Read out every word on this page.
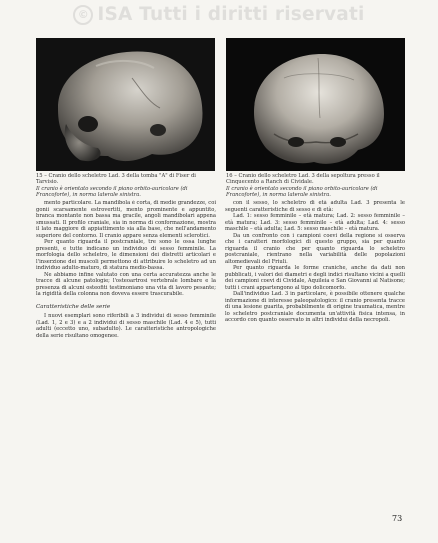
© ISA Tutti i diritti riservati
15 – Cranio dello scheletro Lad. 3 della tomba "A" di Fiser di Tarvisio.
Il cranio è orientato secondo il piano orbito-auricolare (di Francoforte), in norma laterale sinistra.
16 – Cranio dello scheletro Lad. 3 della sepoltura presso il Cinquecento a Ranch di Cividale.
Il cranio è orientato secondo il piano orbito-auricolare (di Francoforte), in norma laterale sinistra.

mento particolare. La mandibola è corta, di medie grandezze, coi gonii scarsamente estrovertiti, mento prominente e appuntito, branca montante non bassa ma gracile, angoli mandibolari appena smussati. Il profilo craniale, sia in norma di conformazione, mostra il lato maggiore di appiattimento sia alla base, che nell'andamento superiore del contorno. Il cranio appare senza elementi sclerotici.

Per quanto riguarda il postcraniale, tre sono le ossa lunghe presenti, e tutte indicano un individuo di sesso femminile. La morfologia dello scheletro, le dimensioni dei distretti articolari e l'inserzione dei muscoli permettono di attribuire lo scheletro ad un individuo adulto-maturo, di statura medio-bassa.

Ne abbiamo infine valutato con una certa accuratezza anche le tracce di alcune patologie; l'osteoartrosi vertebrale lombare e la presenza di alcuni osteofiti testimoniano una vita di lavoro pesante; la rigidità della colonna non doveva essere trascurabile.

Caratteristiche delle serie

I nuovi esemplari sono riferibili a 3 individui di sesso femminile (Lad. 1, 2 e 3) e a 2 individui di sesso maschile (Lad. 4 e 5), tutti adulti (eccetto uno, subadulto). Le caratteristiche antropologiche della serie risultano omogenee.

con il sesso, lo scheletro di età adulta Lad. 3 presenta le seguenti caratteristiche di sesso e di età:

Lad. 1: sesso femminile – età matura; Lad. 2: sesso femminile – età matura; Lad. 3: sesso femminile – età adulta; Lad. 4: sesso maschile – età adulta; Lad. 5: sesso maschile – età matura.

Da un confronto con i campioni coevi della regione si osserva che i caratteri morfologici di questo gruppo, sia per quanto riguarda il cranio che per quanto riguarda lo scheletro postcraniale, rientrano nella variabilità delle popolazioni altomedievali del Friuli.

Per quanto riguarda le forme craniche, anche da dati non pubblicati, i valori dei diametri e degli indici risultano vicini a quelli dei campioni coevi di Cividale, Aquileia e San Giovanni al Natisone; tutti i crani appartengono al tipo dolicomorfo.

Dall'individuo Lad. 3 in particolare, è possibile ottenere qualche informazione di interesse paleopatologico: il cranio presenta tracce di una lesione guarita, probabilmente di origine traumatica, mentre lo scheletro postcraniale documenta un'attività fisica intensa, in accordo con quanto osservato in altri individui della necropoli.

73
